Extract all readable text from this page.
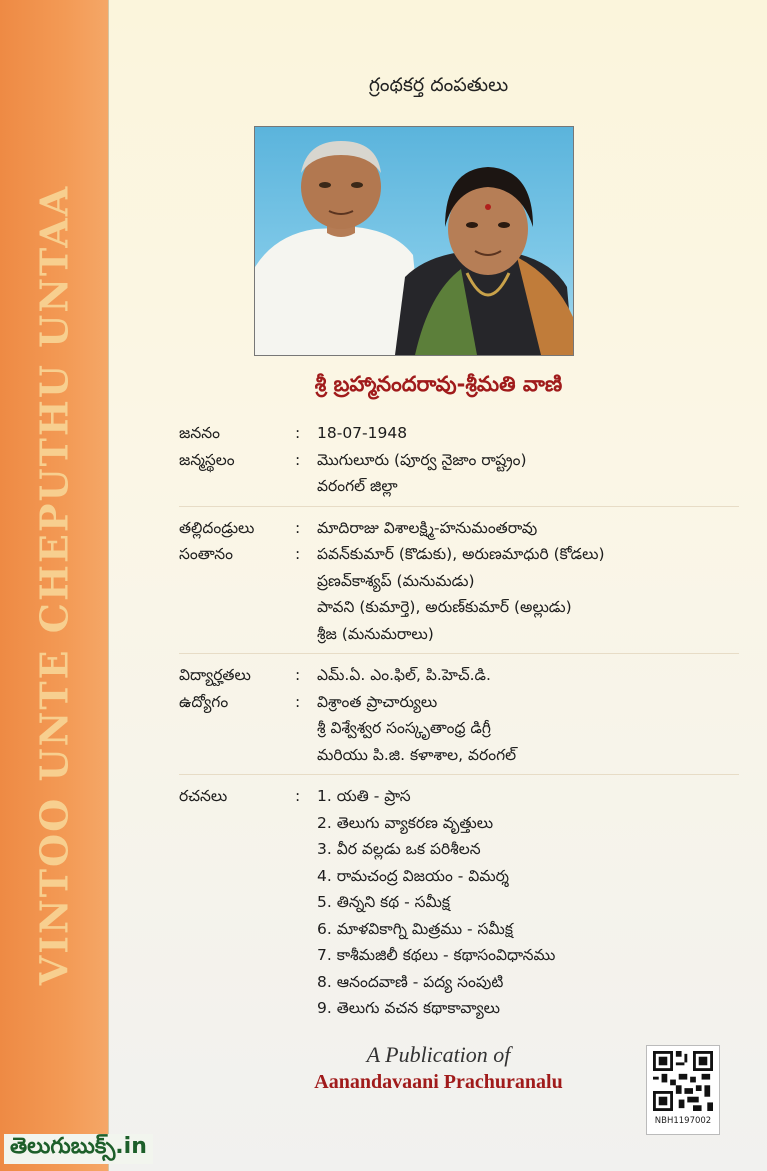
VINTOO UNTE CHEPUTHU UNTAA
గ్రంథకర్త దంపతులు
శ్రీ బ్రహ్మానందరావు-శ్రీమతి వాణి
జననం	:	18-07-1948
జన్మస్థలం	:	మొగులూరు (పూర్వ నైజాం రాష్ట్రం)
వరంగల్ జిల్లా
తల్లిదండ్రులు	:	మాదిరాజు విశాలక్ష్మి-హనుమంతరావు
సంతానం	:	పవన్‌కుమార్ (కొడుకు), అరుణమాధురి (కోడలు)
ప్రణవ్‌కాశ్యప్ (మనుమడు)
పావని (కుమార్తె), అరుణ్‌కుమార్ (అల్లుడు)
శ్రీజ (మనుమరాలు)
విద్యార్హతలు	:	ఎమ్.ఏ. ఎం.ఫిల్, పి.హెచ్.డి.
ఉద్యోగం	:	విశ్రాంత ప్రాచార్యులు
శ్రీ విశ్వేశ్వర సంస్కృతాంధ్ర డిగ్రీ
మరియు పి.జి. కళాశాల, వరంగల్
రచనలు	:	1. యతి - ప్రాస
2. తెలుగు వ్యాకరణ వృత్తులు
3. వీర వల్లడు ఒక పరిశీలన
4. రామచంద్ర విజయం - విమర్శ
5. తిన్నని కథ - సమీక్ష
6. మాళవికాగ్ని మిత్రము - సమీక్ష
7. కాశీమజిలీ కథలు - కథాసంవిధానము
8. ఆనందవాణి - పద్య సంపుటి
9. తెలుగు వచన కథాకావ్యాలు
A Publication of
Aanandavaani Prachuranalu
NBH1197002
తెలుగుబుక్స్.in
